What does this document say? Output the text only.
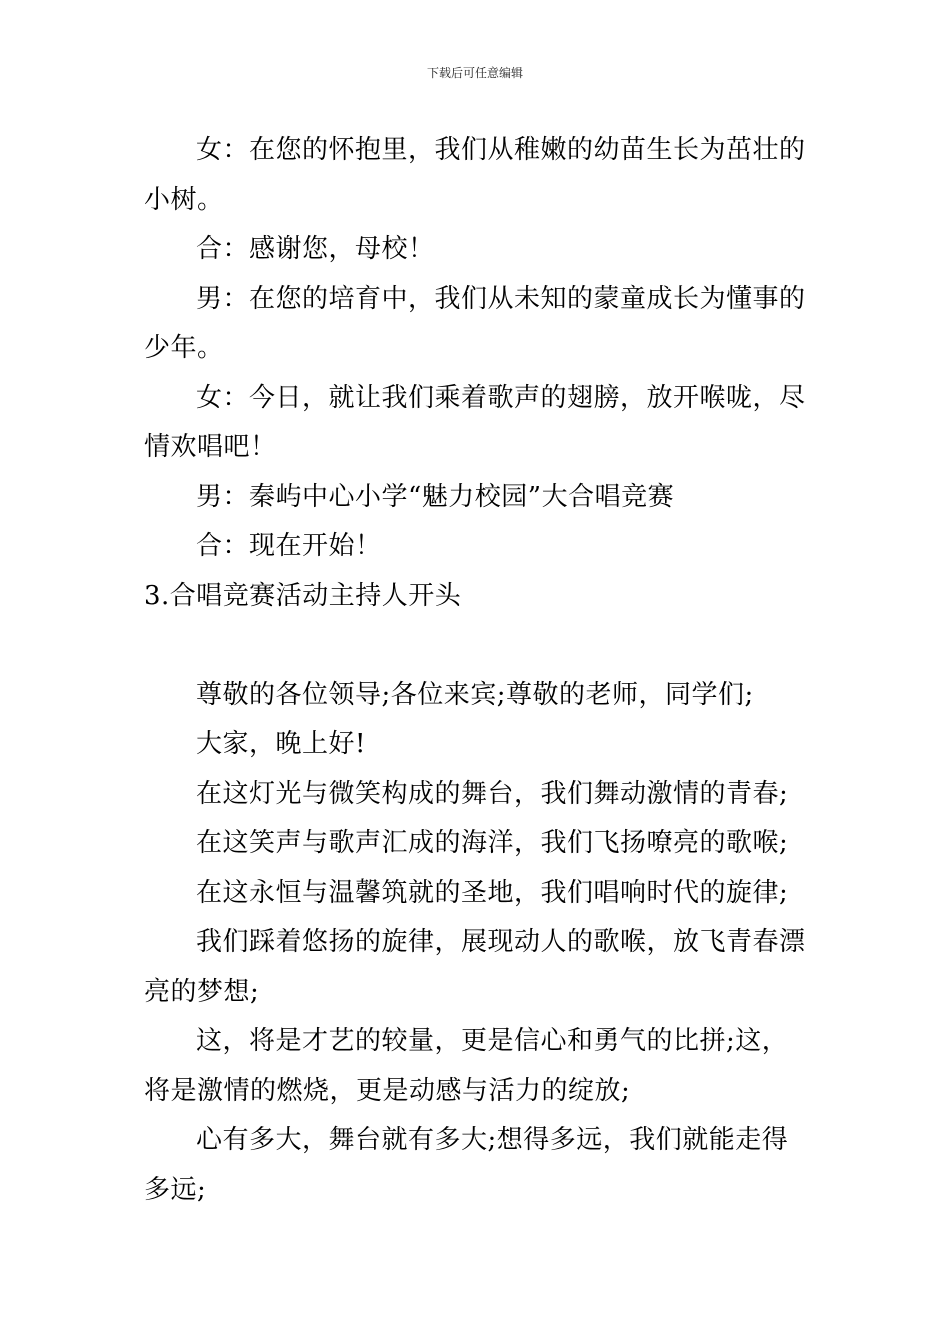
下载后可任意编辑

女：在您的怀抱里，我们从稚嫩的幼苗生长为茁壮的小树。

合：感谢您，母校！

男：在您的培育中，我们从未知的蒙童成长为懂事的少年。

女：今日，就让我们乘着歌声的翅膀，放开喉咙，尽情欢唱吧！

男：秦屿中心小学“魅力校园”大合唱竞赛

合：现在开始！

3.合唱竞赛活动主持人开头

尊敬的各位领导;各位来宾;尊敬的老师，同学们;

大家，晚上好!

在这灯光与微笑构成的舞台，我们舞动激情的青春;

在这笑声与歌声汇成的海洋，我们飞扬嘹亮的歌喉;

在这永恒与温馨筑就的圣地，我们唱响时代的旋律;

我们踩着悠扬的旋律，展现动人的歌喉，放飞青春漂亮的梦想;

这，将是才艺的较量，更是信心和勇气的比拼;这，将是激情的燃烧，更是动感与活力的绽放;

心有多大，舞台就有多大;想得多远，我们就能走得多远;
